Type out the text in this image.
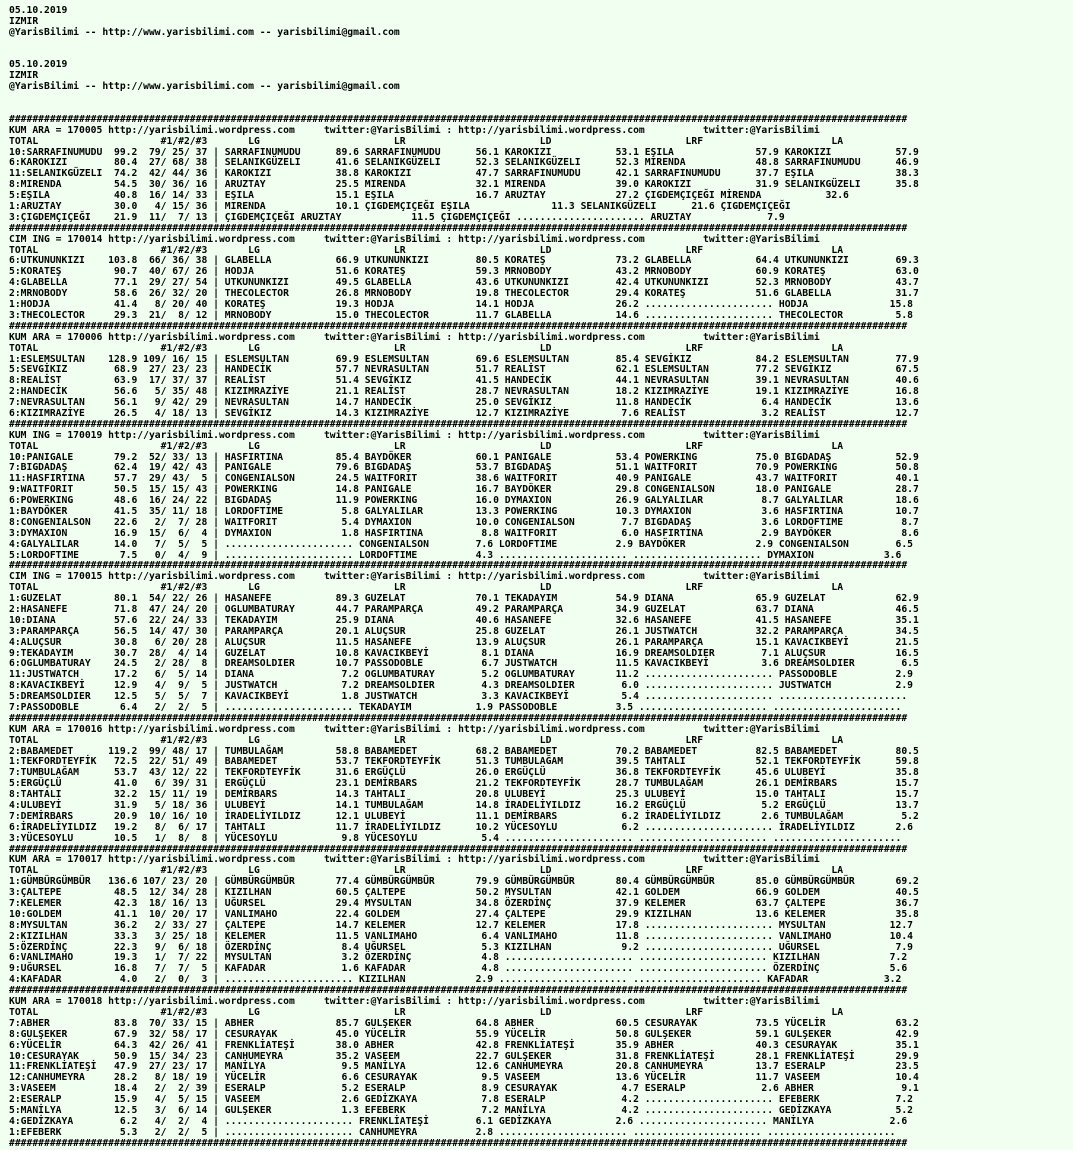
05.10.2019
IZMIR
@YarisBilimi -- http://www.yarisbilimi.com -- yarisbilimi@gmail.com

05.10.2019
IZMIR
@YarisBilimi -- http://www.yarisbilimi.com -- yarisbilimi@gmail.com

##########################################################################################################################################################
KUM ARA = 170005 http://yarisbilimi.wordpress.com     twitter:@YarisBilimi : http://yarisbilimi.wordpress.com          twitter:@YarisBilimi
TOTAL                     #1/#2/#3       LG                       LR                       LD                       LRF                      LA
10:SARRAFINUMUDU  99.2  79/ 25/ 37 | SARRAFINUMUDU      89.6 SARRAFINUMUDU      56.1 KAROKIZI           53.1 EŞILA              57.9 KAROKIZI           57.9
6:KAROKIZI        80.4  27/ 68/ 38 | SELANIKGÜZELI      41.6 SELANIKGÜZELI      52.3 SELANIKGÜZELI      52.3 MIRENDA            48.8 SARRAFINUMUDU      46.9
11:SELANIKGÜZELI  74.2  42/ 44/ 36 | KAROKIZI           38.8 KAROKIZI           47.7 SARRAFINUMUDU      42.1 SARRAFINUMUDU      37.7 EŞILA              38.3
8:MIRENDA         54.5  30/ 36/ 16 | ARUZTAY            25.5 MIRENDA            32.1 MIRENDA            39.0 KAROKIZI           31.9 SELANIKGÜZELI      35.8
5:EŞILA           40.8  16/ 14/ 33 | EŞILA              15.1 EŞILA              16.7 ARUZTAY            27.2 ÇIGDEMÇIÇEĞI MİRENDA           32.6
1:ARUZTAY         30.0   4/ 15/ 36 | MIRENDA            10.1 ÇIGDEMÇIÇEĞI EŞILA              11.3 SELANIKGÜZELI      21.6 ÇIGDEMÇIÇEĞI
3:ÇIGDEMÇIÇEĞI    21.9  11/  7/ 13 | ÇIGDEMÇIÇEĞI ARUZTAY            11.5 ÇIGDEMÇIÇEĞI ...................... ARUZTAY             7.9
##########################################################################################################################################################
CIM ING = 170014 http://yarisbilimi.wordpress.com     twitter:@YarisBilimi : http://yarisbilimi.wordpress.com          twitter:@YarisBilimi
TOTAL                     #1/#2/#3       LG                       LR                       LD                       LRF                      LA
6:UTKUNUNKIZI    103.8  66/ 36/ 38 | GLABELLA           66.9 UTKUNUNKIZI        80.5 KORATEŞ            73.2 GLABELLA           64.4 UTKUNUNKIZI        69.3
5:KORATEŞ         90.7  40/ 67/ 26 | HODJA              51.6 KORATEŞ            59.3 MRNOBODY           43.2 MRNOBODY           60.9 KORATEŞ            63.0
4:GLABELLA        77.1  29/ 27/ 54 | UTKUNUNKIZI        49.5 GLABELLA           43.6 UTKUNUNKIZI        42.4 UTKUNUNKIZI        52.3 MRNOBODY           43.7
2:MRNOBODY        58.6  26/ 32/ 20 | THECOLECTOR        26.8 MRNOBODY           19.8 THECOLECTOR        29.4 KORATEŞ            51.6 GLABELLA           31.7
1:HODJA           41.4   8/ 20/ 40 | KORATEŞ            19.3 HODJA              14.1 HODJA              26.2 ...................... HODJA              15.8
3:THECOLECTOR     29.3  21/  8/ 12 | MRNOBODY           15.0 THECOLECTOR        11.7 GLABELLA           14.6 ...................... THECOLECTOR         5.8
##########################################################################################################################################################
KUM ARA = 170006 http://yarisbilimi.wordpress.com     twitter:@YarisBilimi : http://yarisbilimi.wordpress.com          twitter:@YarisBilimi
TOTAL                     #1/#2/#3       LG                       LR                       LD                       LRF                      LA
1:ESLEMSULTAN    128.9 109/ 16/ 15 | ESLEMSULTAN        69.9 ESLEMSULTAN        69.6 ESLEMSULTAN        85.4 SEVGİKIZ           84.2 ESLEMSULTAN        77.9
5:SEVGİKIZ        68.9  27/ 23/ 23 | HANDECİK           57.7 NEVRASULTAN        51.7 REALİST            62.1 ESLEMSULTAN        77.2 SEVGİKIZ           67.5
8:REALİST         63.9  17/ 37/ 37 | REALİST            51.4 SEVGİKIZ           41.5 HANDECİK           44.1 NEVRASULTAN        39.1 NEVRASULTAN        40.6
2:HANDECİK        56.6   5/ 35/ 48 | KIZIMRAZİYE        21.1 REALİST            28.7 NEVRASULTAN        18.2 KIZIMRAZİYE        19.1 KIZIMRAZİYE        16.8
7:NEVRASULTAN     56.1   9/ 42/ 29 | NEVRASULTAN        14.7 HANDECİK           25.0 SEVGİKIZ           11.8 HANDECİK            6.4 HANDECİK           13.6
6:KIZIMRAZİYE     26.5   4/ 18/ 13 | SEVGİKIZ           14.3 KIZIMRAZİYE        12.7 KIZIMRAZİYE         7.6 REALİST             3.2 REALİST            12.7
##########################################################################################################################################################
KUM ING = 170019 http://yarisbilimi.wordpress.com     twitter:@YarisBilimi : http://yarisbilimi.wordpress.com          twitter:@YarisBilimi
TOTAL                     #1/#2/#3       LG                       LR                       LD                       LRF                      LA
10:PANIGALE       79.2  52/ 33/ 13 | HASFIRTINA         85.4 BAYDÖKER           60.1 PANIGALE           53.4 POWERKING          75.0 BIGDADAŞ           52.9
7:BIGDADAŞ        62.4  19/ 42/ 43 | PANIGALE           79.6 BIGDADAŞ           53.7 BIGDADAŞ           51.1 WAITFORIT          70.9 POWERKING          50.8
11:HASFIRTINA     57.7  29/ 43/  5 | CONGENIALSON       24.5 WAITFORIT          38.6 WAITFORIT          40.9 PANIGALE           43.7 WAITFORIT          40.1
9:WAITFORIT       50.5  15/ 15/ 43 | POWERKING          14.8 PANIGALE           16.7 BAYDÖKER           29.8 CONGENIALSON       18.0 PANIGALE           28.7
6:POWERKING       48.6  16/ 24/ 22 | BIGDADAŞ           11.9 POWERKING          16.0 DYMAXION           26.9 GALYALILAR          8.7 GALYALILAR         18.6
1:BAYDÖKER        41.5  35/ 11/ 18 | LORDOFTIME          5.8 GALYALILAR         13.3 POWERKING          10.3 DYMAXION            3.6 HASFIRTINA         10.7
8:CONGENIALSON    22.6   2/  7/ 28 | WAITFORIT           5.4 DYMAXION           10.0 CONGENIALSON        7.7 BIGDADAŞ            3.6 LORDOFTIME          8.7
3:DYMAXION        16.9  15/  6/  4 | DYMAXION            1.8 HASFIRTINA          8.8 WAITFORIT           6.0 HASFIRTINA          2.9 BAYDÖKER            8.6
4:GALYALILAR      14.0   7/  5/  5 | ...................... CONGENIALSON        7.6 LORDOFTIME          2.9 BAYDÖKER            2.9 CONGENIALSON        6.5
5:LORDOFTIME       7.5   0/  4/  9 | ...................... LORDOFTIME          4.3 ...................... ...................... DYMAXION            3.6
##########################################################################################################################################################
CIM ING = 170015 http://yarisbilimi.wordpress.com     twitter:@YarisBilimi : http://yarisbilimi.wordpress.com          twitter:@YarisBilimi
TOTAL                     #1/#2/#3       LG                       LR                       LD                       LRF                      LA
1:GUZELAT         80.1  54/ 22/ 26 | HASANEFE           89.3 GUZELAT            70.1 TEKADAYIM          54.9 DIANA              65.9 GUZELAT            62.9
2:HASANEFE        71.8  47/ 24/ 20 | OGLUMBATURAY       44.7 PARAMPARÇA         49.2 PARAMPARÇA         34.9 GUZELAT            63.7 DIANA              46.5
10:DIANA          57.6  22/ 24/ 33 | TEKADAYIM          25.9 DIANA              40.6 HASANEFE           32.6 HASANEFE           41.5 HASANEFE           35.1
3:PARAMPARÇA      56.5  14/ 47/ 30 | PARAMPARÇA         20.1 ALUÇSUR            25.8 GUZELAT            26.1 JUSTWATCH          32.2 PARAMPARÇA         34.5
4:ALUÇSUR         30.8   6/ 20/ 28 | ALUÇSUR            11.5 HASANEFE           13.9 ALUÇSUR            26.1 PARAMPARÇA         15.1 KAVACIKBEYİ        21.5
9:TEKADAYIM       30.7  28/  4/ 14 | GUZELAT            10.8 KAVACIKBEYİ         8.1 DIANA              16.9 DREAMSOLDIER        7.1 ALUÇSUR            16.5
6:OGLUMBATURAY    24.5   2/ 28/  8 | DREAMSOLDIER       10.7 PASSODOBLE          6.7 JUSTWATCH          11.5 KAVACIKBEYİ         3.6 DREAMSOLDIER        6.5
11:JUSTWATCH      17.2   6/  5/ 14 | DIANA               7.2 OGLUMBATURAY        5.2 OGLUMBATURAY       11.2 ...................... PASSODOBLE          2.9
8:KAVACIKBEYİ     12.9   4/  9/  5 | JUSTWATCH           7.2 DREAMSOLDIER        4.3 DREAMSOLDIER        6.0 ...................... JUSTWATCH           2.9
5:DREAMSOLDIER    12.5   5/  5/  7 | KAVACIKBEYİ         1.8 JUSTWATCH           3.3 KAVACIKBEYİ         5.4 ...................... ......................
7:PASSODOBLE       6.4   2/  2/  5 | ...................... TEKADAYIM           1.9 PASSODOBLE          3.5 ...................... ......................
##########################################################################################################################################################
KUM ARA = 170016 http://yarisbilimi.wordpress.com     twitter:@YarisBilimi : http://yarisbilimi.wordpress.com          twitter:@YarisBilimi
TOTAL                     #1/#2/#3       LG                       LR                       LD                       LRF                      LA
2:BABAMEDET      119.2  99/ 48/ 17 | TUMBULAĞAM         58.8 BABAMEDET          68.2 BABAMEDET          70.2 BABAMEDET          82.5 BABAMEDET          80.5
1:TEKFORDTEYFİK   72.5  22/ 51/ 49 | BABAMEDET          53.7 TEKFORDTEYFİK      51.3 TUMBULAĞAM         39.5 TAHTALI            52.1 TEKFORDTEYFİK      59.8
7:TUMBULAĞAM      53.7  43/ 12/ 22 | TEKFORDTEYFİK      31.6 ERGÜÇLÜ            26.0 ERGÜÇLÜ            36.8 TEKFORDTEYFİK      45.6 ULUBEYİ            35.8
5:ERGÜÇLÜ         41.0   6/ 39/ 31 | ERGÜÇLÜ            23.1 DEMİRBARS          21.2 TEKFORDTEYFİK      28.7 TUMBULAĞAM         26.1 DEMİRBARS          15.7
8:TAHTALI         32.2  15/ 11/ 19 | DEMİRBARS          14.3 TAHTALI            20.8 ULUBEYİ            25.3 ULUBEYİ            15.0 TAHTALI            15.7
4:ULUBEYİ         31.9   5/ 18/ 36 | ULUBEYİ            14.1 TUMBULAĞAM         14.8 İRADELİYILDIZ      16.2 ERGÜÇLÜ             5.2 ERGÜÇLÜ            13.7
7:DEMİRBARS       20.9  10/ 16/ 10 | İRADELİYILDIZ      12.1 ULUBEYİ            11.1 DEMİRBARS           6.2 İRADELİYILDIZ       2.6 TUMBULAĞAM          5.2
6:İRADELİYILDIZ   19.2   8/  6/ 17 | TAHTALI            11.7 İRADELİYILDIZ      10.2 YÜCESOYLU           6.2 ...................... İRADELİYILDIZ       2.6
3:YÜCESOYLU       10.5   1/  8/  8 | YÜCESOYLU           9.8 YÜCESOYLU           5.4 ...................... ...................... ......................
##########################################################################################################################################################
KUM ARA = 170017 http://yarisbilimi.wordpress.com     twitter:@YarisBilimi : http://yarisbilimi.wordpress.com          twitter:@YarisBilimi
TOTAL                     #1/#2/#3       LG                       LR                       LD                       LRF                      LA
1:GÜMBÜRGÜMBÜR   136.6 107/ 23/ 20 | GÜMBÜRGÜMBÜR       77.4 GÜMBÜRGÜMBÜR       79.9 GÜMBÜRGÜMBÜR       80.4 GÜMBÜRGÜMBÜR       85.0 GÜMBÜRGÜMBÜR       69.2
3:ÇALTEPE         48.5  12/ 34/ 28 | KIZILHAN           60.5 ÇALTEPE            50.2 MYSULTAN           42.1 GOLDEM             66.9 GOLDEM             40.5
7:KELEMER         42.3  18/ 16/ 13 | UĞURSEL            29.4 MYSULTAN           34.8 ÖZERDİNÇ           37.9 KELEMER            63.7 ÇALTEPE            36.7
10:GOLDEM         41.1  10/ 20/ 17 | VANLIMAHO          22.4 GOLDEM             27.4 ÇALTEPE            29.9 KIZILHAN           13.6 KELEMER            35.8
8:MYSULTAN        36.2   2/ 33/ 27 | ÇALTEPE            14.7 KELEMER            12.7 KELEMER            17.8 ...................... MYSULTAN           12.7
2:KIZILHAN        33.3   3/ 25/ 18 | KELEMER            11.5 VANLIMAHO           6.4 VANLIMAHO          11.8 ...................... VANLIMAHO          10.4
5:ÖZERDİNÇ        22.3   9/  6/ 18 | ÖZERDİNÇ            8.4 UĞURSEL             5.3 KIZILHAN            9.2 ...................... UĞURSEL             7.9
6:VANLIMAHO       19.3   1/  7/ 22 | MYSULTAN            3.2 ÖZERDİNÇ            4.8 ...................... ...................... KIZILHAN            7.2
9:UĞURSEL         16.8   7/  7/  5 | KAFADAR             1.6 KAFADAR             4.8 ...................... ...................... ÖZERDİNÇ            5.6
4:KAFADAR          4.0   2/  0/  3 | ...................... KIZILHAN            2.9 ...................... ...................... KAFADAR             3.2
##########################################################################################################################################################
KUM ARA = 170018 http://yarisbilimi.wordpress.com     twitter:@YarisBilimi : http://yarisbilimi.wordpress.com          twitter:@YarisBilimi
TOTAL                     #1/#2/#3       LG                       LR                       LD                       LRF                      LA
7:ABHER           83.8  70/ 33/ 15 | ABHER              85.7 GULŞEKER           64.8 ABHER              60.5 CESURAYAK          73.5 YÜCELİR            63.2
8:GULŞEKER        67.9  32/ 58/ 17 | CESURAYAK          45.0 YÜCELİR            55.9 YÜCELİR            50.8 GULŞEKER           59.1 GULŞEKER           42.9
6:YÜCELİR         64.3  42/ 26/ 41 | FRENKLİATEŞİ       38.0 ABHER              42.8 FRENKLİATEŞİ       35.9 ABHER              40.3 CESURAYAK          35.1
10:CESURAYAK      50.9  15/ 34/ 23 | CANHUMEYRA         35.2 VASEEM             22.7 GULŞEKER           31.8 FRENKLİATEŞİ       28.1 FRENKLİATEŞİ       29.9
11:FRENKLİATEŞİ   47.9  27/ 23/ 17 | MANİLYA             9.5 MANİLYA            12.6 CANHUMEYRA         20.8 CANHUMEYRA         13.7 ESERALP            23.5
12:CANHUMEYRA     28.2   8/ 18/ 19 | YÜCELİR             6.6 CESURAYAK           9.5 VASEEM             13.6 YÜCELİR            11.7 VASEEM             10.4
3:VASEEM          18.4   2/  2/ 39 | ESERALP             5.2 ESERALP             8.9 CESURAYAK           4.7 ESERALP             2.6 ABHER               9.1
2:ESERALP         15.9   4/  5/ 15 | VASEEM              2.6 GEDİZKAYA           7.8 ESERALP             4.2 ...................... EFEBERK             7.2
5:MANİLYA         12.5   3/  6/ 14 | GULŞEKER            1.3 EFEBERK             7.2 MANİLYA             4.2 ...................... GEDİZKAYA           5.2
4:GEDİZKAYA        6.2   4/  2/  4 | ...................... FRENKLİATEŞİ        6.1 GEDİZKAYA           2.6 ...................... MANİLYA             2.6
1:EFEBERK          5.3   2/  2/  5 | ...................... CANHUMEYRA          2.8 ...................... ...................... ......................
##########################################################################################################################################################
